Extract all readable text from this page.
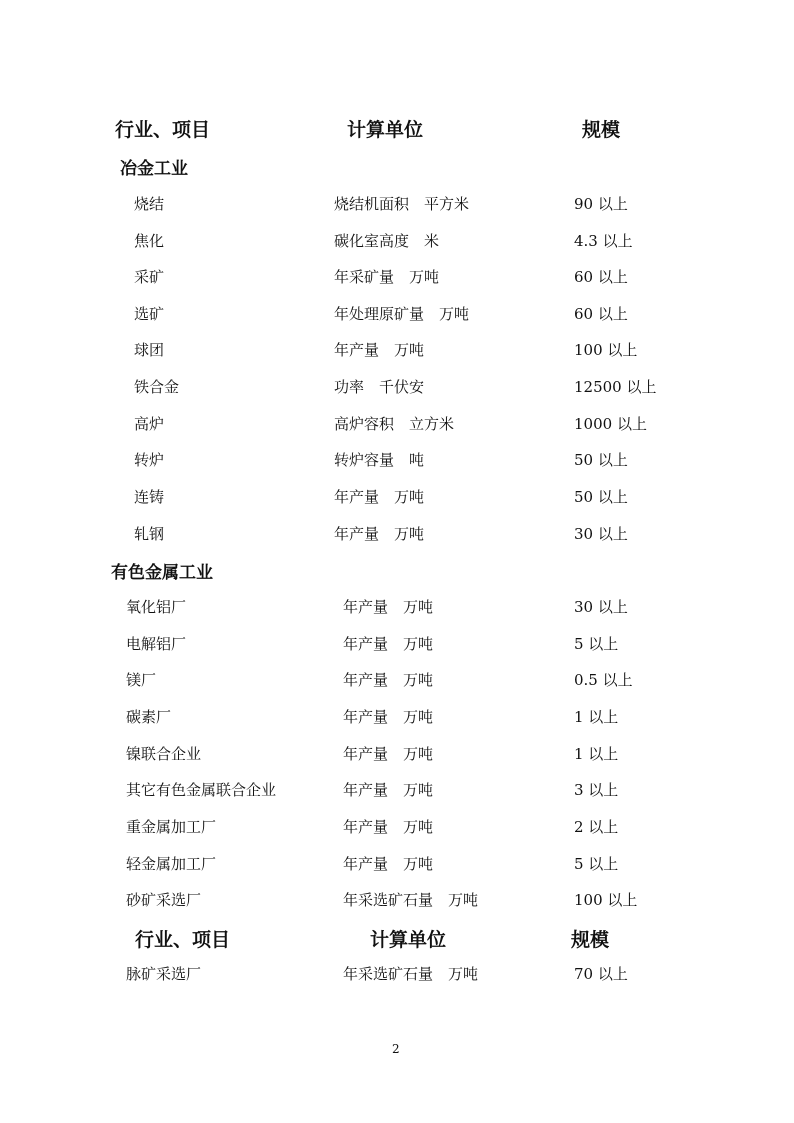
行业、项目	计算单位	规模
冶金工业
烧结	烧结机面积　平方米	90 以上
焦化	碳化室高度　米	4.3 以上
采矿	年采矿量　万吨	60 以上
选矿	年处理原矿量　万吨	60 以上
球团	年产量　万吨	100 以上
铁合金	功率　千伏安	12500 以上
高炉	高炉容积　立方米	1000 以上
转炉	转炉容量　吨	50 以上
连铸	年产量　万吨	50 以上
轧钢	年产量　万吨	30 以上
有色金属工业
氧化铝厂	年产量　万吨	30 以上
电解铝厂	年产量　万吨	5 以上
镁厂	年产量　万吨	0.5 以上
碳素厂	年产量　万吨	1 以上
镍联合企业	年产量　万吨	1 以上
其它有色金属联合企业	年产量　万吨	3 以上
重金属加工厂	年产量　万吨	2 以上
轻金属加工厂	年产量　万吨	5 以上
砂矿采选厂	年采选矿石量　万吨	100 以上
行业、项目	计算单位	规模
脉矿采选厂	年采选矿石量　万吨	70 以上
2
